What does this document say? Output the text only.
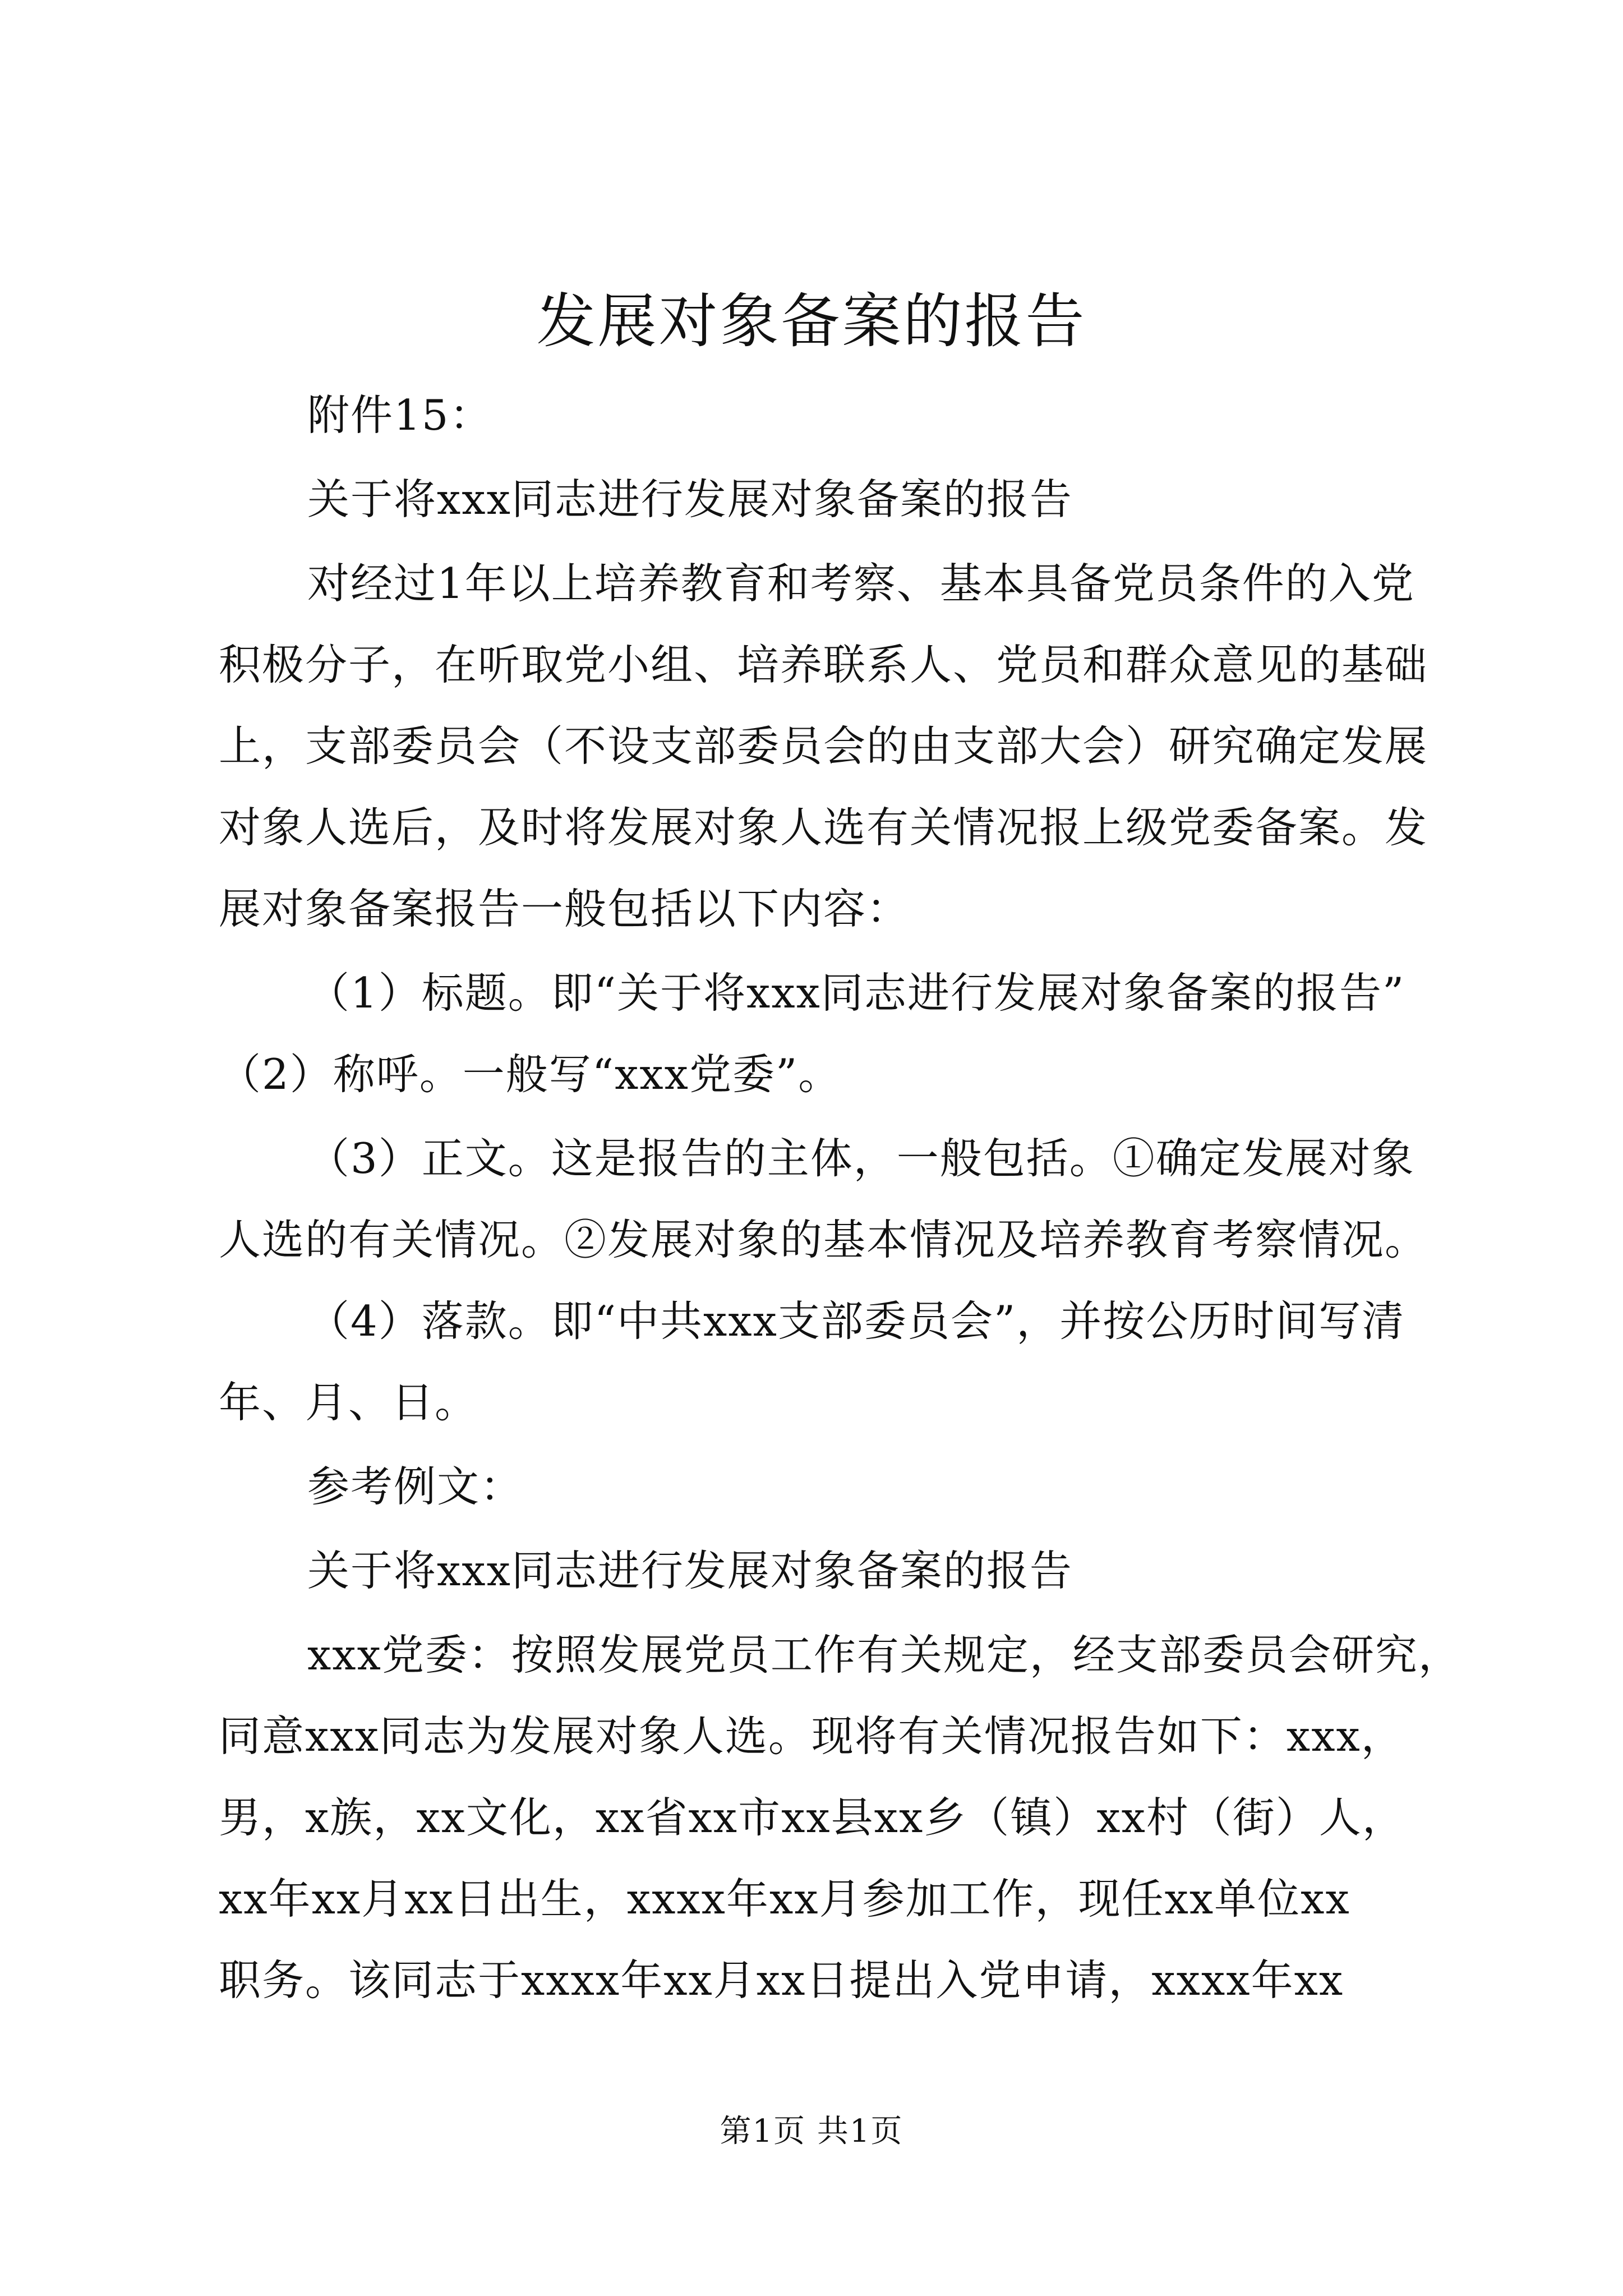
发展对象备案的报告
附件15：
关于将xxx同志进行发展对象备案的报告
对经过1年以上培养教育和考察、基本具备党员条件的入党
积极分子，在听取党小组、培养联系人、党员和群众意见的基础
上，支部委员会（不设支部委员会的由支部大会）研究确定发展
对象人选后，及时将发展对象人选有关情况报上级党委备案。发
展对象备案报告一般包括以下内容：
（1）标题。即“关于将xxx同志进行发展对象备案的报告”
（2）称呼。一般写“xxx党委”。
（3）正文。这是报告的主体，一般包括。①确定发展对象
人选的有关情况。②发展对象的基本情况及培养教育考察情况。
（4）落款。即“中共xxx支部委员会”，并按公历时间写清
年、月、日。
参考例文：
关于将xxx同志进行发展对象备案的报告
xxx党委：按照发展党员工作有关规定，经支部委员会研究，
同意xxx同志为发展对象人选。现将有关情况报告如下：xxx，
男，x族，xx文化，xx省xx市xx县xx乡（镇）xx村（街）人，
xx年xx月xx日出生，xxxx年xx月参加工作，现任xx单位xx
职务。该同志于xxxx年xx月xx日提出入党申请，xxxx年xx
第1页 共1页
